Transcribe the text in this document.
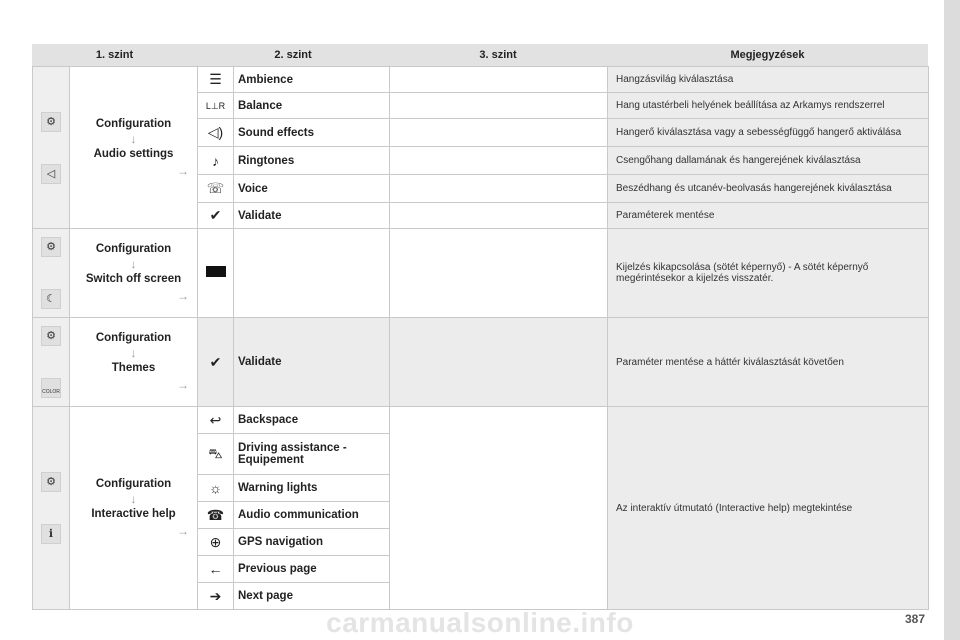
1. szint	2. szint	3. szint	Megjegyzések
⚙
◁	Configuration
↓
Audio settings
→	☰	Ambience		Hangzásvilág kiválasztása
		L⊥R	Balance		Hang utastérbeli helyének beállítása az Arkamys rendszerrel
		◁)	Sound effects		Hangerő kiválasztása vagy a sebességfüggő hangerő aktiválása
		♪	Ringtones		Csengőhang dallamának és hangerejének kiválasztása
		☏	Voice		Beszédhang és utcanév-beolvasás hangerejének kiválasztása
		✔	Validate		Paraméterek mentése

⚙
☾	Configuration
↓
Switch off screen
→				Kijelzés kikapcsolása (sötét képernyő) - A sötét képernyő megérintésekor a kijelzés visszatér.

⚙
COLOR	Configuration
↓
Themes
→	✔	Validate		Paraméter mentése a háttér kiválasztását követően

⚙
ℹ	Configuration
↓
Interactive help
→	↩	Backspace		Az interaktív útmutató (Interactive help) megtekintése
		⛍	Driving assistance - Equipement		
		☼	Warning lights		
		☎	Audio communication		
		⊕	GPS navigation		
		←	Previous page		
		➔	Next page		
carmanualsonline.info	387
